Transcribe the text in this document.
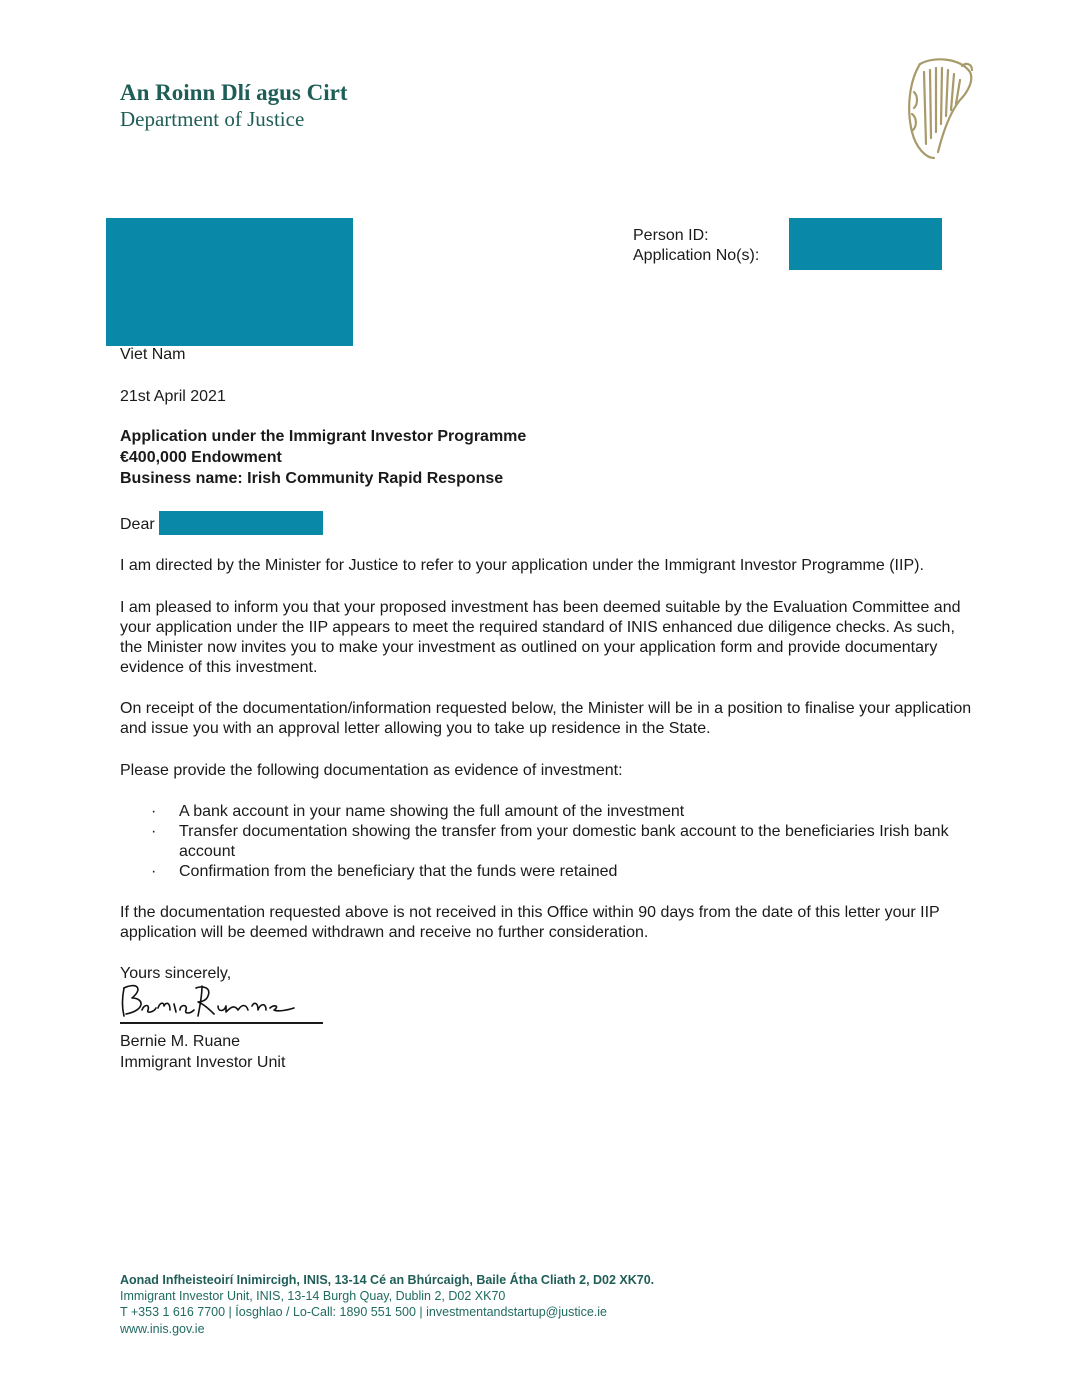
An Roinn Dlí agus Cirt
Department of Justice
Person ID:
Application No(s):
Viet Nam
21st April 2021
Application under the Immigrant Investor Programme
€400,000 Endowment
Business name: Irish Community Rapid Response
Dear
I am directed by the Minister for Justice to refer to your application under the Immigrant Investor Programme (IIP).
I am pleased to inform you that your proposed investment has been deemed suitable by the Evaluation Committee and your application under the IIP appears to meet the required standard of INIS enhanced due diligence checks. As such, the Minister now invites you to make your investment as outlined on your application form and provide documentary evidence of this investment.
On receipt of the documentation/information requested below, the Minister will be in a position to finalise your application and issue you with an approval letter allowing you to take up residence in the State.
Please provide the following documentation as evidence of investment:
·	A bank account in your name showing the full amount of the investment
·	Transfer documentation showing the transfer from your domestic bank account to the beneficiaries Irish bank account
·	Confirmation from the beneficiary that the funds were retained
If the documentation requested above is not received in this Office within 90 days from the date of this letter your IIP application will be deemed withdrawn and receive no further consideration.
Yours sincerely,
Bernie M. Ruane
Immigrant Investor Unit
Aonad Infheisteoirí Inimircigh, INIS, 13-14 Cé an Bhúrcaigh, Baile Átha Cliath 2, D02 XK70.
Immigrant Investor Unit, INIS, 13-14 Burgh Quay, Dublin 2, D02 XK70
T +353 1 616 7700 | Íosghlao / Lo-Call: 1890 551 500 | investmentandstartup@justice.ie
www.inis.gov.ie
